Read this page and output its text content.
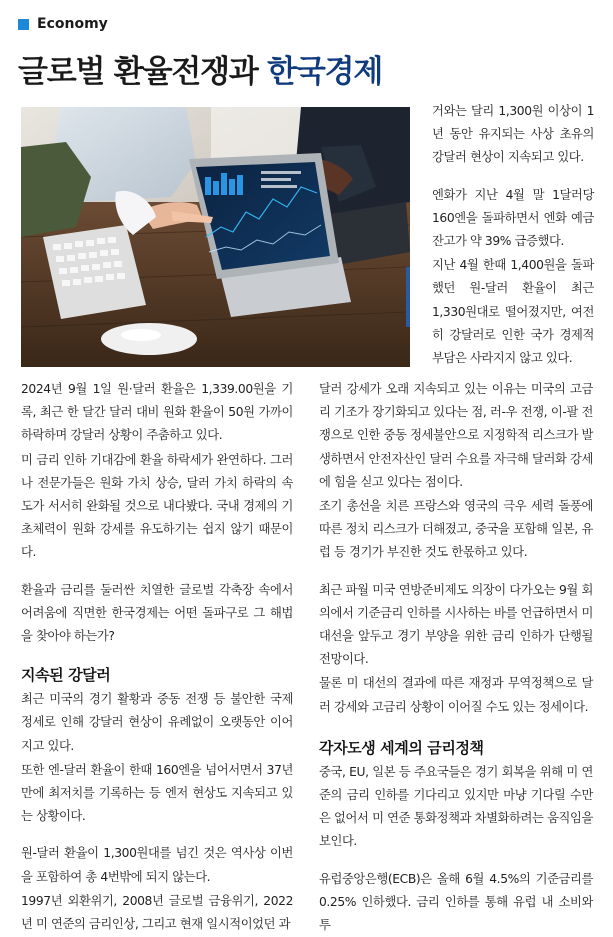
Economy
글로벌 환율전쟁과 한국경제

거와는 달리 1,300원 이상이 1년 동안 유지되는 사상 초유의 강달러 현상이 지속되고 있다.

엔화가 지난 4월 말 1달러당 160엔을 돌파하면서 엔화 예금 잔고가 약 39% 급증했다.

지난 4월 한때 1,400원을 돌파했던 원-달러 환율이 최근 1,330원대로 떨어졌지만, 여전히 강달러로 인한 국가 경제적 부담은 사라지지 않고 있다.

2024년 9월 1일 원·달러 환율은 1,339.00원을 기록, 최근 한 달간 달러 대비 원화 환율이 50원 가까이 하락하며 강달러 상황이 주춤하고 있다.

미 금리 인하 기대감에 환율 하락세가 완연하다. 그러나 전문가들은 원화 가치 상승, 달러 가치 하락의 속도가 서서히 완화될 것으로 내다봤다. 국내 경제의 기초체력이 원화 강세를 유도하기는 쉽지 않기 때문이다.

환율과 금리를 둘러싼 치열한 글로벌 각축장 속에서 어려움에 직면한 한국경제는 어떤 돌파구로 그 해법을 찾아야 하는가?

지속된 강달러

최근 미국의 경기 활황과 중동 전쟁 등 불안한 국제 정세로 인해 강달러 현상이 유례없이 오랫동안 이어지고 있다.

또한 엔-달러 환율이 한때 160엔을 넘어서면서 37년 만에 최저치를 기록하는 등 엔저 현상도 지속되고 있는 상황이다.

원-달러 환율이 1,300원대를 넘긴 것은 역사상 이번을 포함하여 총 4번밖에 되지 않는다.

1997년 외환위기, 2008년 글로벌 금융위기, 2022년 미 연준의 금리인상, 그리고 현재 일시적이었던 과

달러 강세가 오래 지속되고 있는 이유는 미국의 고금리 기조가 장기화되고 있다는 점, 러-우 전쟁, 이-팔 전쟁으로 인한 중동 정세불안으로 지정학적 리스크가 발생하면서 안전자산인 달러 수요를 자극해 달러화 강세에 힘을 싣고 있다는 점이다.

조기 총선을 치른 프랑스와 영국의 극우 세력 돌풍에 따른 정치 리스크가 더해졌고, 중국을 포함해 일본, 유럽 등 경기가 부진한 것도 한몫하고 있다.

최근 파월 미국 연방준비제도 의장이 다가오는 9월 회의에서 기준금리 인하를 시사하는 바를 언급하면서 미 대선을 앞두고 경기 부양을 위한 금리 인하가 단행될 전망이다.

물론 미 대선의 결과에 따른 재정과 무역정책으로 달러 강세와 고금리 상황이 이어질 수도 있는 정세이다.

각자도생 세계의 금리정책

중국, EU, 일본 등 주요국들은 경기 회복을 위해 미 연준의 금리 인하를 기다리고 있지만 마냥 기다릴 수만은 없어서 미 연준 통화정책과 차별화하려는 움직임을 보인다.

유럽중앙은행(ECB)은 올해 6월 4.5%의 기준금리를 0.25% 인하했다. 금리 인하를 통해 유럽 내 소비와 투
